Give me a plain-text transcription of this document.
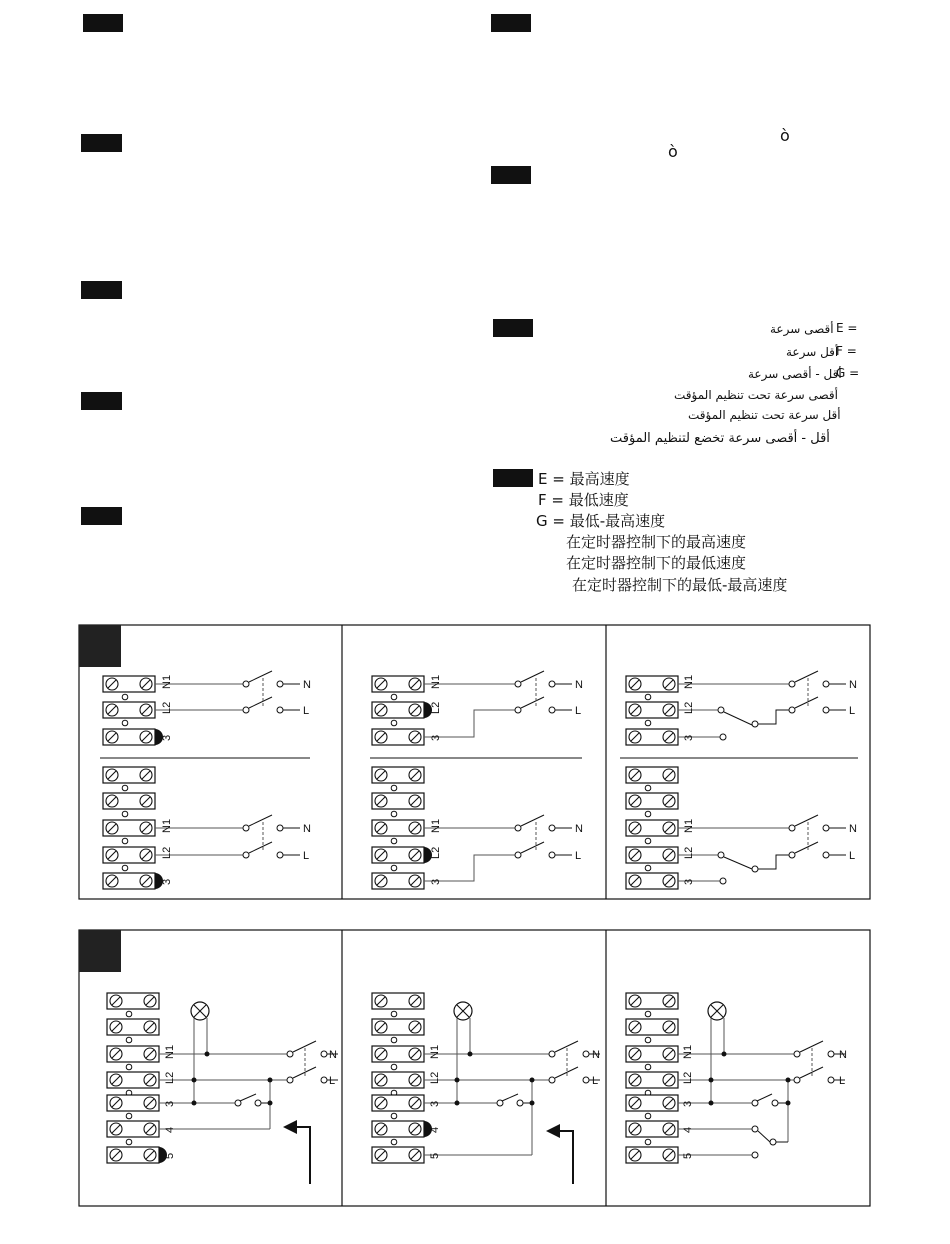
ò
ò
أقصى سرعة E =
أقل سرعة
F =
أقل - أقصى سرعة
G =
أقصى سرعة تحت تنظيم المؤقت
أقل سرعة تحت تنظيم المؤقت
أقل - أقصى سرعة تخضع لتنظيم المؤقت
E = 最高速度
F = 最低速度
G = 最低-最高速度
在定时器控制下的最高速度
在定时器控制下的最低速度
在定时器控制下的最低-最高速度
N1
L2
3
N1
L2
3
N1
L2
3
N1
L2
3
N1
L2
3
N1
L2
3
N
L
N
L
N
L
N
L
N
L
N
L
N1
L2
3
4
5
N1
L2
3
4
5
N1
L2
3
4
5
N
L
N
L
N
L
